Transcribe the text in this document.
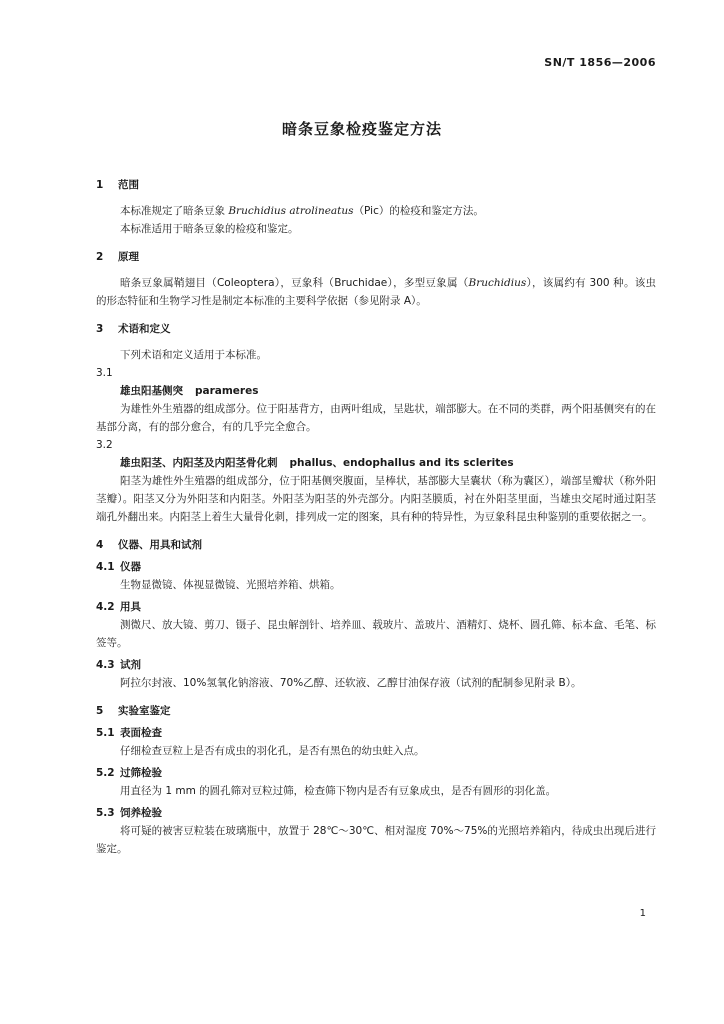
SN/T 1856—2006
暗条豆象检疫鉴定方法
1 范围
本标准规定了暗条豆象 Bruchidius atrolineatus（Pic）的检疫和鉴定方法。
本标准适用于暗条豆象的检疫和鉴定。
2 原理
暗条豆象属鞘翅目（Coleoptera），豆象科（Bruchidae），多型豆象属（Bruchidius），该属约有 300 种。该虫的形态特征和生物学习性是制定本标准的主要科学依据（参见附录 A）。
3 术语和定义
下列术语和定义适用于本标准。
3.1
雄虫阳基侧突 parameres
为雄性外生殖器的组成部分。位于阳基背方，由两叶组成，呈匙状，端部膨大。在不同的类群，两个阳基侧突有的在基部分离，有的部分愈合，有的几乎完全愈合。
3.2
雄虫阳茎、内阳茎及内阳茎骨化刺 phallus、endophallus and its sclerites
阳茎为雄性外生殖器的组成部分，位于阳基侧突腹面，呈棒状，基部膨大呈囊状（称为囊区），端部呈瓣状（称外阳茎瓣）。阳茎又分为外阳茎和内阳茎。外阳茎为阳茎的外壳部分。内阳茎膜质，衬在外阳茎里面，当雄虫交尾时通过阳茎端孔外翻出来。内阳茎上着生大量骨化刺，排列成一定的图案，具有种的特异性，为豆象科昆虫种鉴别的重要依据之一。
4 仪器、用具和试剂
4.1 仪器
生物显微镜、体视显微镜、光照培养箱、烘箱。
4.2 用具
测微尺、放大镜、剪刀、镊子、昆虫解剖针、培养皿、载玻片、盖玻片、酒精灯、烧杯、圆孔筛、标本盒、毛笔、标签等。
4.3 试剂
阿拉尔封液、10%氢氧化钠溶液、70%乙醇、还软液、乙醇甘油保存液（试剂的配制参见附录 B）。
5 实验室鉴定
5.1 表面检查
仔细检查豆粒上是否有成虫的羽化孔，是否有黑色的幼虫蛀入点。
5.2 过筛检验
用直径为 1 mm 的圆孔筛对豆粒过筛，检查筛下物内是否有豆象成虫，是否有圆形的羽化盖。
5.3 饲养检验
将可疑的被害豆粒装在玻璃瓶中，放置于 28℃～30℃、相对湿度 70%～75%的光照培养箱内，待成虫出现后进行鉴定。
1
